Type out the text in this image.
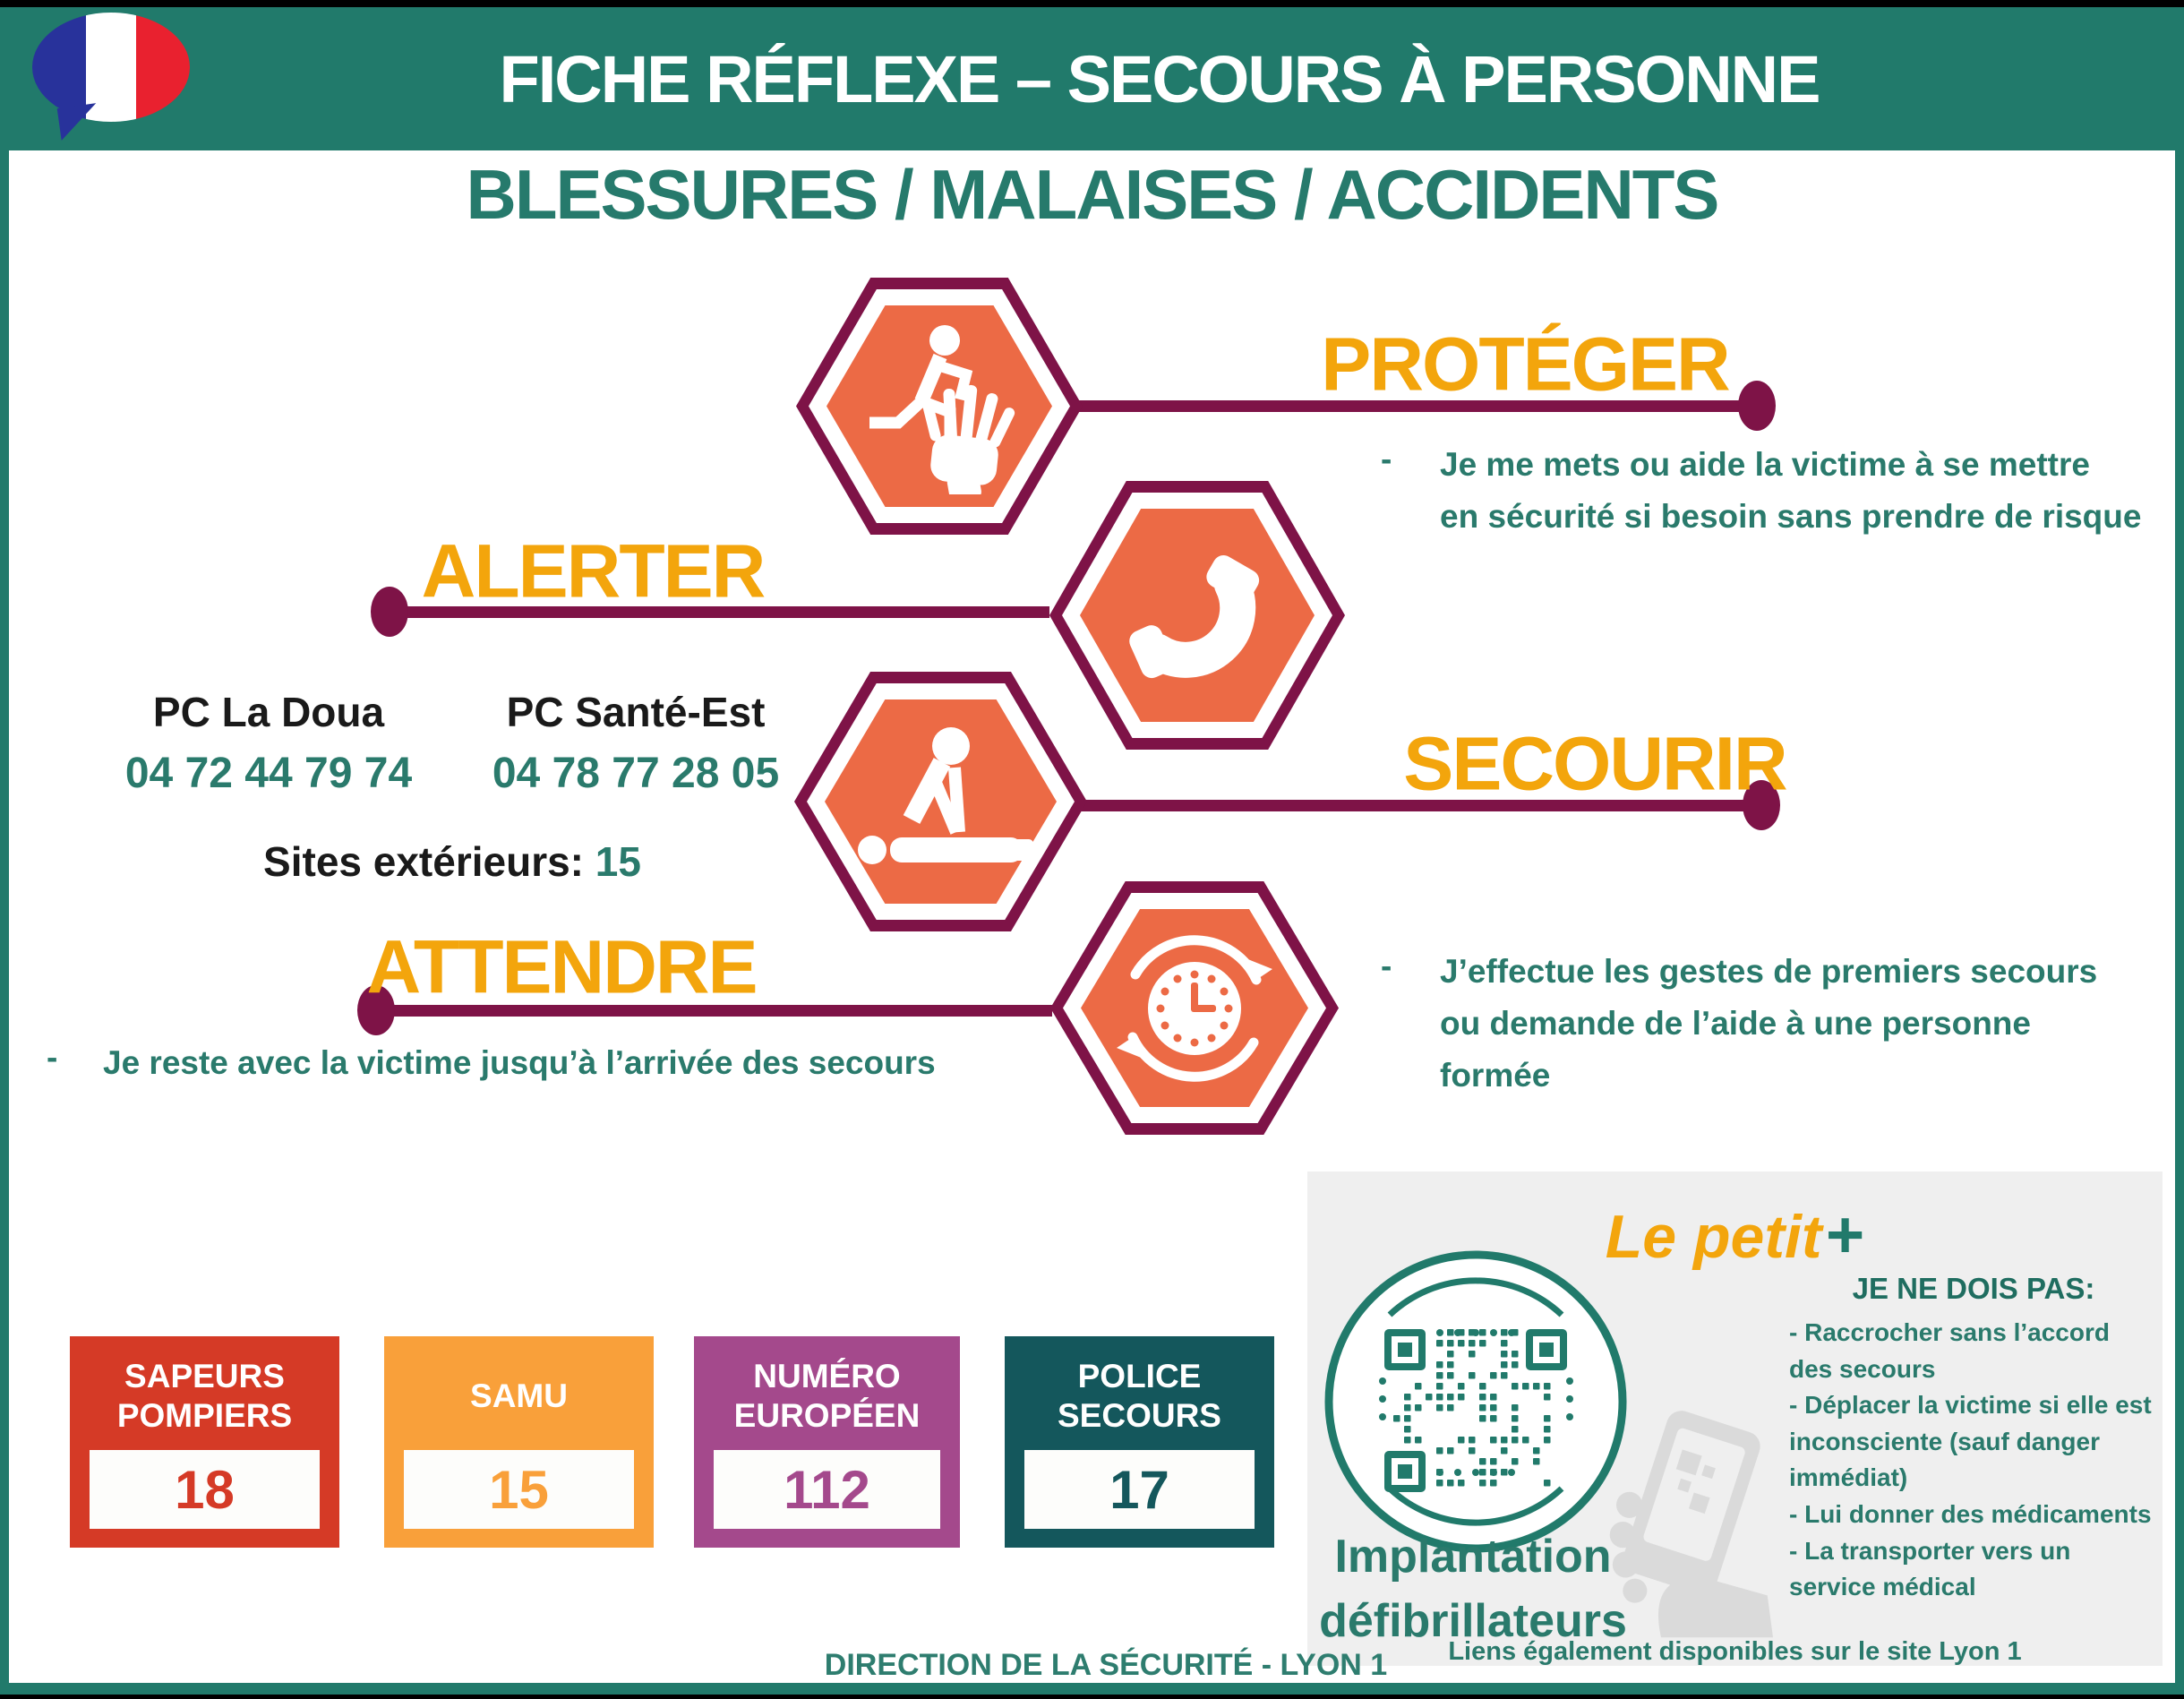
FICHE RÉFLEXE – SECOURS À PERSONNE
BLESSURES / MALAISES / ACCIDENTS
PROTÉGER
ALERTER
SECOURIR
ATTENDRE
- Je me mets ou aide la victime à se mettre
en sécurité si besoin sans prendre de risque
- J’effectue les gestes de premiers secours
ou demande de l’aide à une personne
formée
- Je reste avec la victime jusqu’à l’arrivée des secours
PC La Doua	PC Santé-Est
04 72 44 79 74 04 78 77 28 05
Sites extérieurs: 15
SAPEURS POMPIERS
18
SAMU
15
NUMÉRO EUROPÉEN
112
POLICE SECOURS
17
Le petit +
Implantation
défibrillateurs
JE NE DOIS PAS:
- Raccrocher sans l’accord des secours
- Déplacer la victime si elle est inconsciente (sauf danger immédiat)
- Lui donner des médicaments
- La transporter vers un service médical
Liens également disponibles sur le site Lyon 1
DIRECTION DE LA SÉCURITÉ - LYON 1
